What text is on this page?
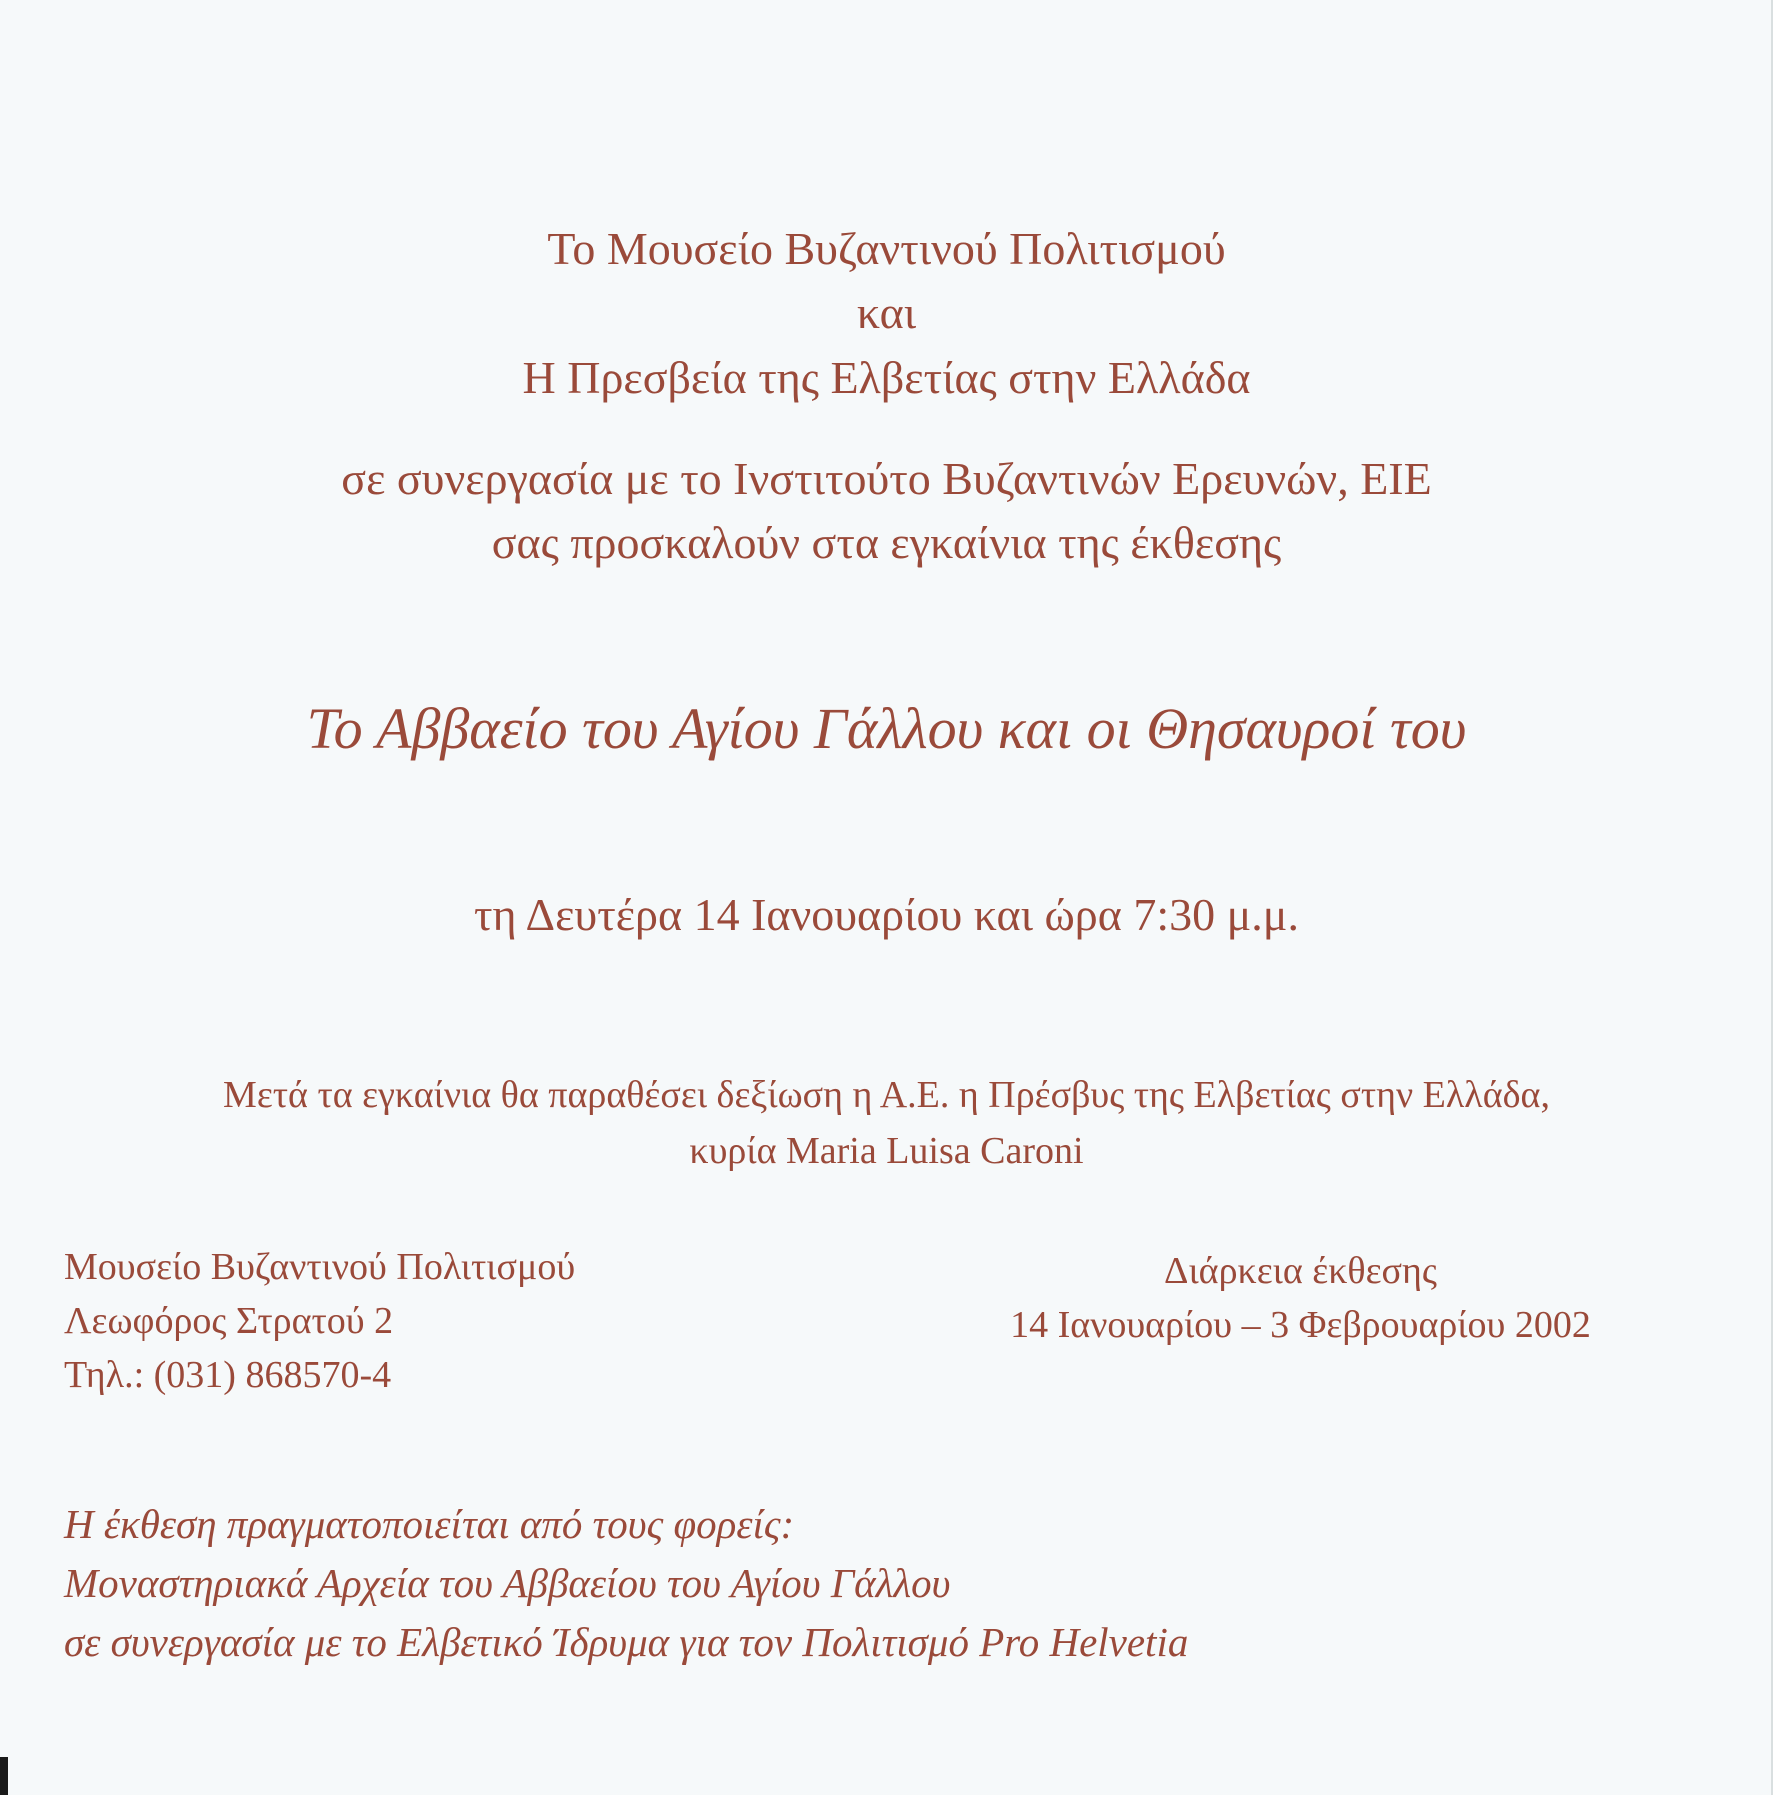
Το Μουσείο Βυζαντινού Πολιτισμού
και
Η Πρεσβεία της Ελβετίας στην Ελλάδα
σε συνεργασία με το Ινστιτούτο Βυζαντινών Ερευνών, ΕΙΕ
σας προσκαλούν στα εγκαίνια της έκθεσης
Το Αββαείο του Αγίου Γάλλου και οι Θησαυροί του
τη Δευτέρα 14 Ιανουαρίου και ώρα 7:30 μ.μ.
Μετά τα εγκαίνια θα παραθέσει δεξίωση η Α.Ε. η Πρέσβυς της Ελβετίας στην Ελλάδα,
κυρία Maria Luisa Caroni
Μουσείο Βυζαντινού Πολιτισμού
Λεωφόρος Στρατού 2
Τηλ.: (031) 868570-4
Διάρκεια έκθεσης
14 Ιανουαρίου – 3 Φεβρουαρίου 2002
Η έκθεση πραγματοποιείται από τους φορείς:
Μοναστηριακά Αρχεία του Αββαείου του Αγίου Γάλλου
σε συνεργασία με το Ελβετικό Ίδρυμα για τον Πολιτισμό Pro Helvetia
